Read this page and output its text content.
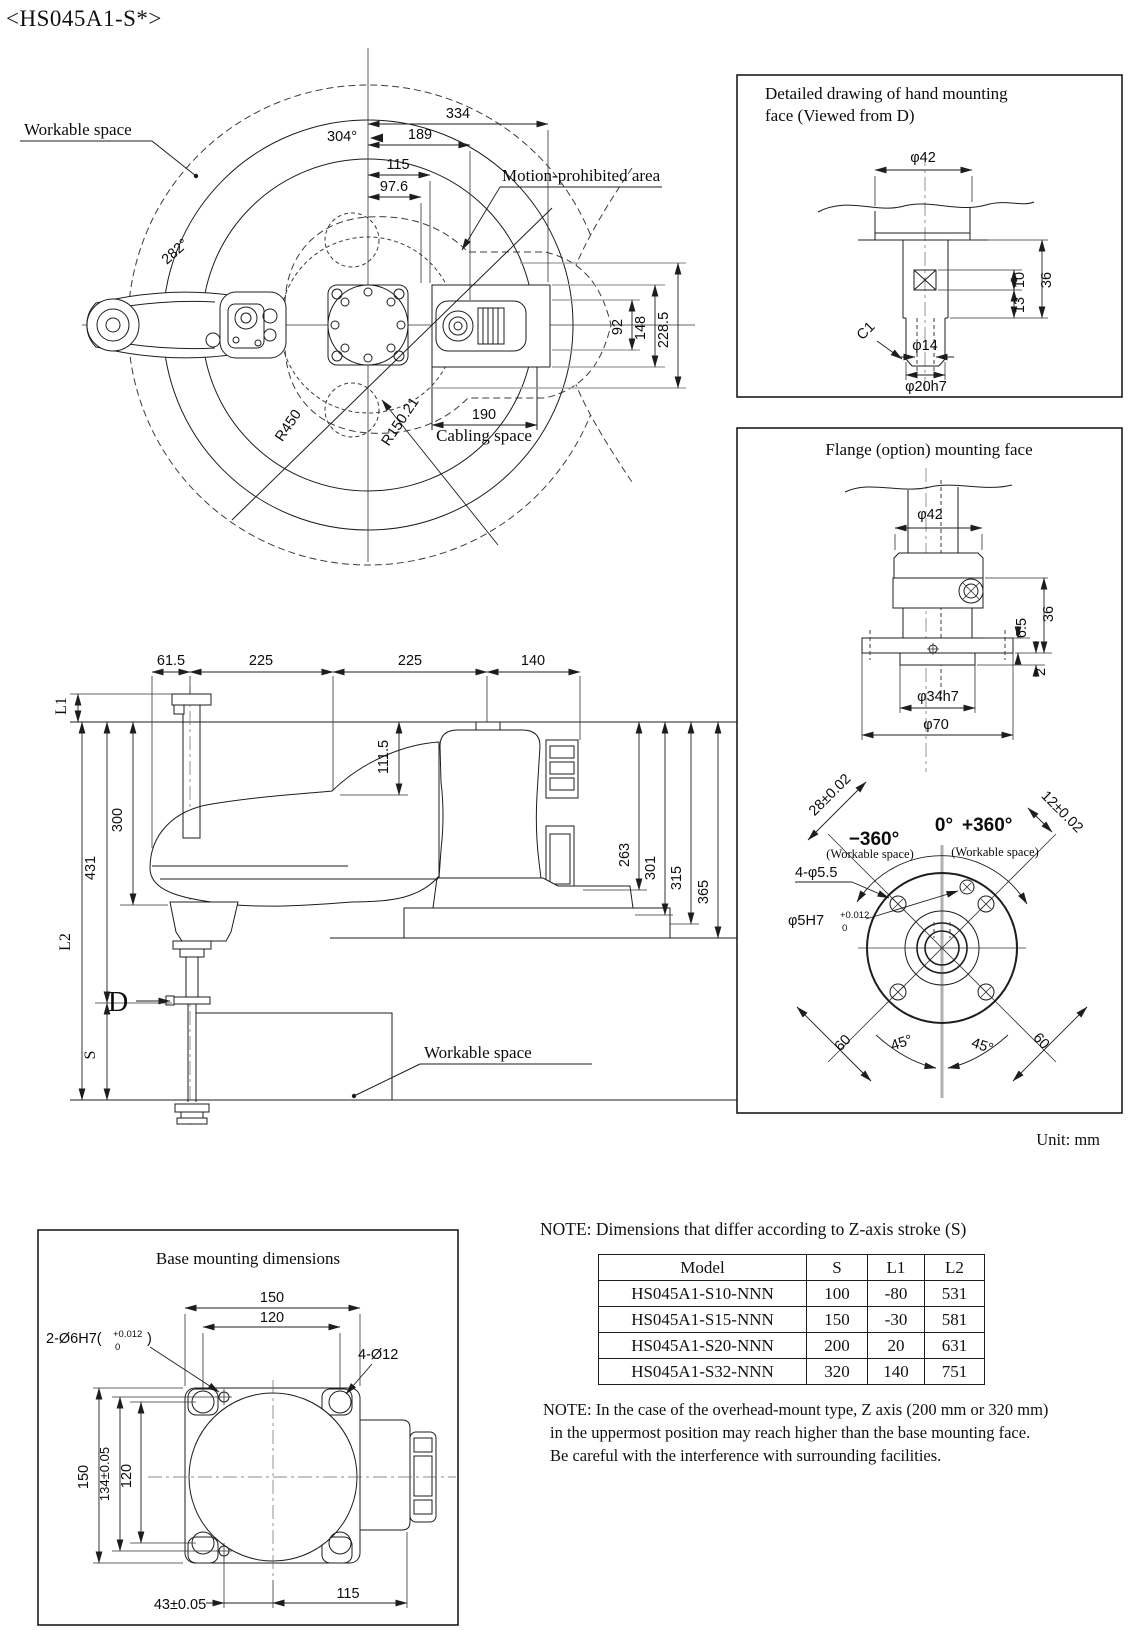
Workable space
Motion-prohibited area
Cabling space
304°
282°
334
189
115
97.6
92 148 228.5
190
R450	R150.21
61.5	225	225	140
L1
L2
S
300
431
111.5
263
301 315
365
D
Workable space
Detailed drawing of hand mounting
face (Viewed from D)
φ42
36
10
13
C1
φ14
φ20h7
Flange (option) mounting face
φ42
6.5
36
2
φ34h7
φ70
0° +360°
−360°
(Workable space)	(Workable space)
28±0.02	12±0.02
4-φ5.5
φ5H7 +0.012
0
60	60
45°	45°
Base mounting dimensions
150
120
2-Ø6H7( +0.012
0
)
4-Ø12
150 134±0.05 120
43±0.05
115
<HS045A1-S*>
Unit: mm
NOTE: Dimensions that differ according to Z-axis stroke (S)
Model	S	L1	L2
HS045A1-S10-NNN	100	-80	531
HS045A1-S15-NNN	150	-30	581
HS045A1-S20-NNN	200	20	631
HS045A1-S32-NNN	320	140	751
NOTE: In the case of the overhead-mount type, Z axis (200 mm or 320 mm)
in the uppermost position may reach higher than the base mounting face.
Be careful with the interference with surrounding facilities.
